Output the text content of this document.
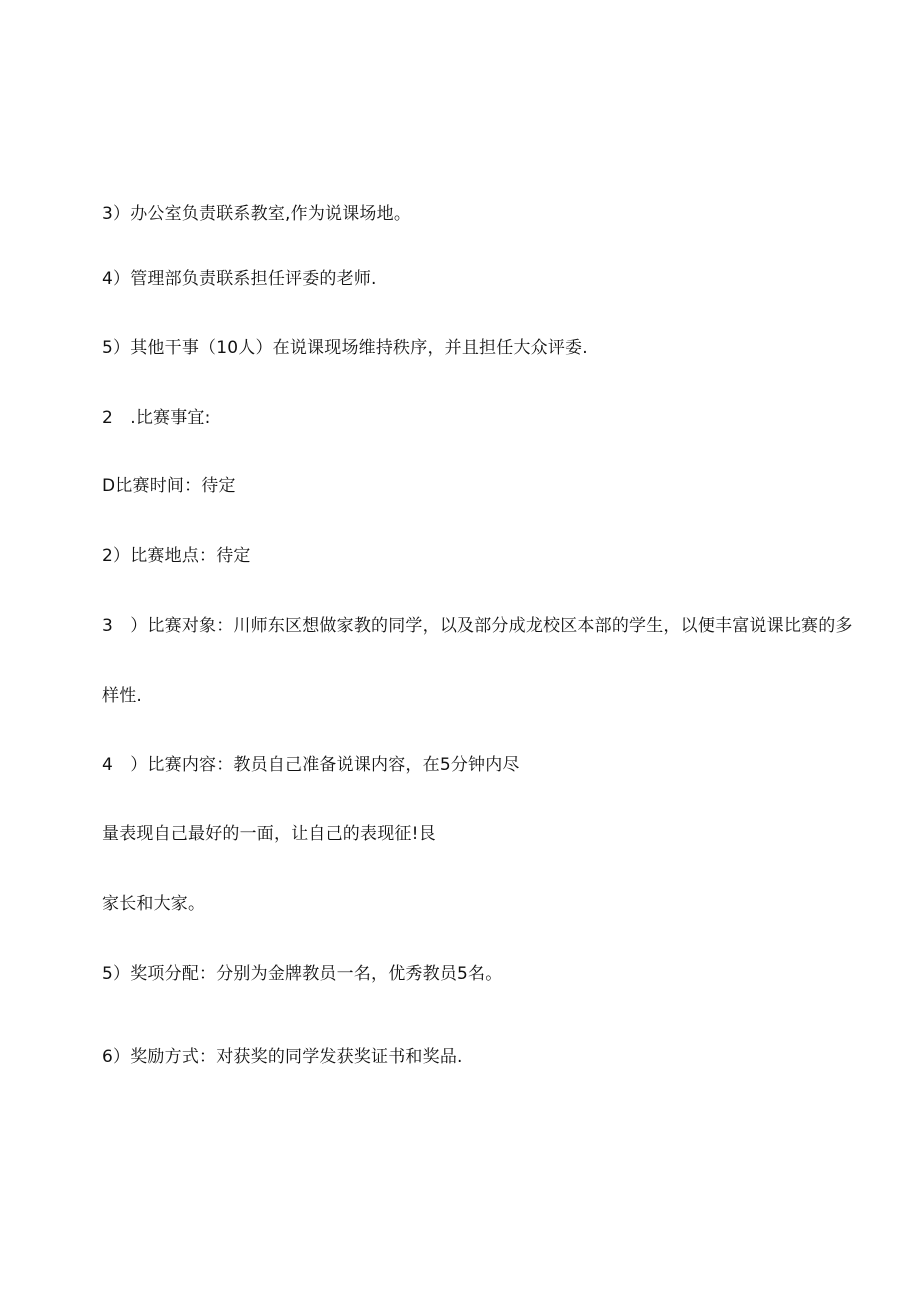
3）办公室负责联系教室,作为说课场地。
4）管理部负责联系担任评委的老师.
5）其他干事（10人）在说课现场维持秩序，并且担任大众评委.
2　.比赛事宜:
D比赛时间：待定
2）比赛地点：待定
3　）比赛对象：川师东区想做家教的同学，以及部分成龙校区本部的学生，以便丰富说课比赛的多
样性.
4　）比赛内容：教员自己准备说课内容，在5分钟内尽
量表现自己最好的一面，让自己的表现征!艮
家长和大家。
5）奖项分配：分别为金牌教员一名，优秀教员5名。
6）奖励方式：对获奖的同学发获奖证书和奖品.
